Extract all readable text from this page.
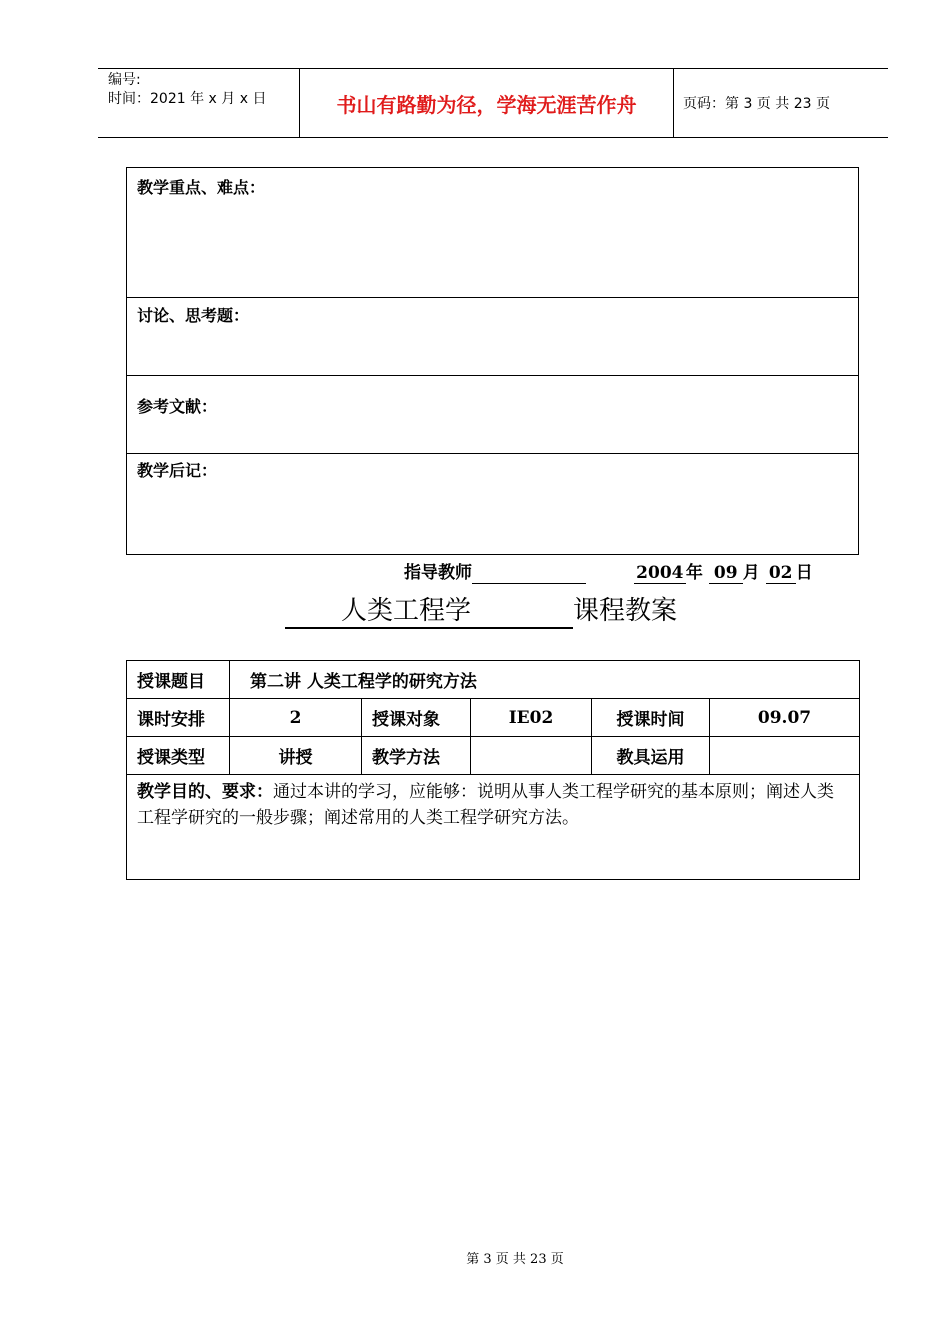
编号:
时间：2021 年 x 月 x 日	书山有路勤为径，学海无涯苦作舟	页码：第 3 页 共 23 页
教学重点、难点：
讨论、思考题：
参考文献：
教学后记：
指导教师	2004 年 09 月 02 日
人类工程学	课程教案
授课题目	第二讲 人类工程学的研究方法				
课时安排	2	授课对象	IE02	授课时间	09.07
授课类型	讲授	教学方法		教具运用	
教学目的、要求：通过本讲的学习，应能够：说明从事人类工程学研究的基本原则；阐述人类工程学研究的一般步骤；阐述常用的人类工程学研究方法。					
第 3 页 共 23 页
